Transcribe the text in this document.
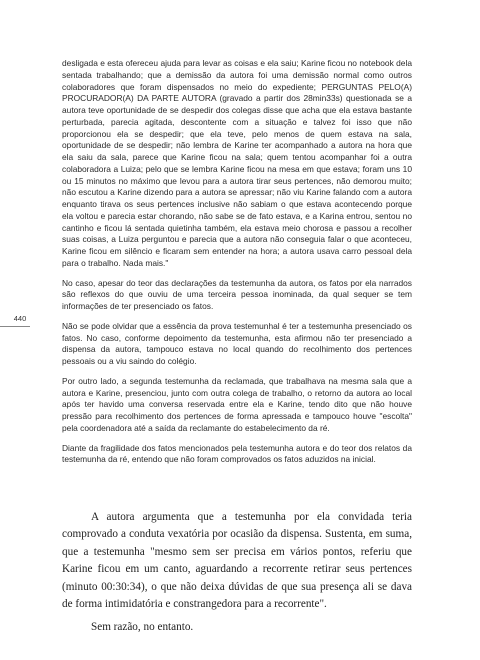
desligada e esta ofereceu ajuda para levar as coisas e ela saiu; Karine ficou no notebook dela sentada trabalhando; que a demissão da autora foi uma demissão normal como outros colaboradores que foram dispensados no meio do expediente; PERGUNTAS PELO(A) PROCURADOR(A) DA PARTE AUTORA (gravado a partir dos 28min33s) questionada se a autora teve oportunidade de se despedir dos colegas disse que acha que ela estava bastante perturbada, parecia agitada, descontente com a situação e talvez foi isso que não proporcionou ela se despedir; que ela teve, pelo menos de quem estava na sala, oportunidade de se despedir; não lembra de Karine ter acompanhado a autora na hora que ela saiu da sala, parece que Karine ficou na sala; quem tentou acompanhar foi a outra colaboradora a Luiza; pelo que se lembra Karine ficou na mesa em que estava; foram uns 10 ou 15 minutos no máximo que levou para a autora tirar seus pertences, não demorou muito; não escutou a Karine dizendo para a autora se apressar; não viu Karine falando com a autora enquanto tirava os seus pertences inclusive não sabiam o que estava acontecendo porque ela voltou e parecia estar chorando, não sabe se de fato estava, e a Karina entrou, sentou no cantinho e ficou lá sentada quietinha também, ela estava meio chorosa e passou a recolher suas coisas, a Luiza perguntou e parecia que a autora não conseguia falar o que aconteceu, Karine ficou em silêncio e ficaram sem entender na hora; a autora usava carro pessoal dela para o trabalho. Nada mais."

No caso, apesar do teor das declarações da testemunha da autora, os fatos por ela narrados são reflexos do que ouviu de uma terceira pessoa inominada, da qual sequer se tem informações de ter presenciado os fatos.

Não se pode olvidar que a essência da prova testemunhal é ter a testemunha presenciado os fatos. No caso, conforme depoimento da testemunha, esta afirmou não ter presenciado a dispensa da autora, tampouco estava no local quando do recolhimento dos pertences pessoais ou a viu saindo do colégio.

Por outro lado, a segunda testemunha da reclamada, que trabalhava na mesma sala que a autora e Karine, presenciou, junto com outra colega de trabalho, o retorno da autora ao local após ter havido uma conversa reservada entre ela e Karine, tendo dito que não houve pressão para recolhimento dos pertences de forma apressada e tampouco houve "escolta" pela coordenadora até a saída da reclamante do estabelecimento da ré.

Diante da fragilidade dos fatos mencionados pela testemunha autora e do teor dos relatos da testemunha da ré, entendo que não foram comprovados os fatos aduzidos na inicial.

440

A autora argumenta que a testemunha por ela convidada teria comprovado a conduta vexatória por ocasião da dispensa. Sustenta, em suma, que a testemunha "mesmo sem ser precisa em vários pontos, referiu que Karine ficou em um canto, aguardando a recorrente retirar seus pertences (minuto 00:30:34), o que não deixa dúvidas de que sua presença ali se dava de forma intimidatória e constrangedora para a recorrente".

Sem razão, no entanto.
